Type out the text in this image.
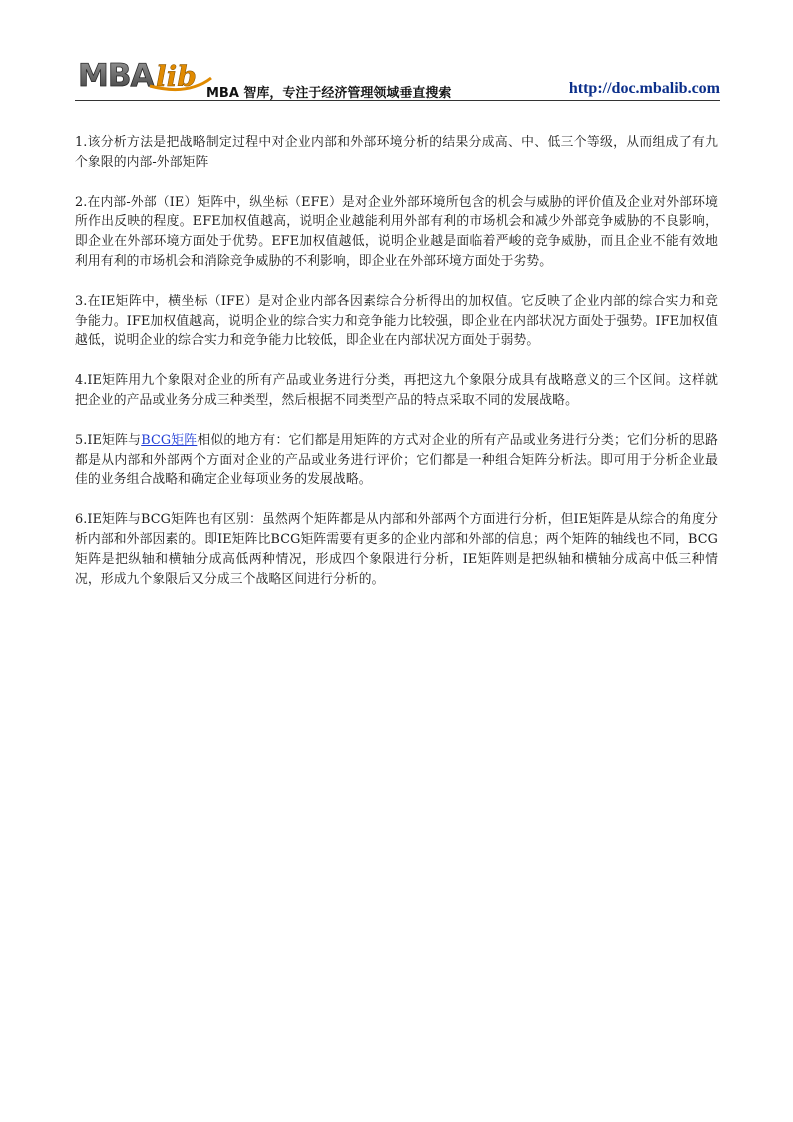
MBA lib
MBA 智库，专注于经济管理领域垂直搜索	http://doc.mbalib.com

1.该分析方法是把战略制定过程中对企业内部和外部环境分析的结果分成高、中、低三个等级，从而组成了有九个象限的内部-外部矩阵

2.在内部-外部（IE）矩阵中，纵坐标（EFE）是对企业外部环境所包含的机会与威胁的评价值及企业对外部环境所作出反映的程度。EFE加权值越高，说明企业越能利用外部有利的市场机会和减少外部竞争威胁的不良影响，即企业在外部环境方面处于优势。EFE加权值越低，说明企业越是面临着严峻的竞争威胁，而且企业不能有效地利用有利的市场机会和消除竞争威胁的不利影响，即企业在外部环境方面处于劣势。

3.在IE矩阵中，横坐标（IFE）是对企业内部各因素综合分析得出的加权值。它反映了企业内部的综合实力和竞争能力。IFE加权值越高，说明企业的综合实力和竞争能力比较强，即企业在内部状况方面处于强势。IFE加权值越低，说明企业的综合实力和竞争能力比较低，即企业在内部状况方面处于弱势。

4.IE矩阵用九个象限对企业的所有产品或业务进行分类，再把这九个象限分成具有战略意义的三个区间。这样就把企业的产品或业务分成三种类型，然后根据不同类型产品的特点采取不同的发展战略。

5.IE矩阵与BCG矩阵相似的地方有：它们都是用矩阵的方式对企业的所有产品或业务进行分类；它们分析的思路都是从内部和外部两个方面对企业的产品或业务进行评价；它们都是一种组合矩阵分析法。即可用于分析企业最佳的业务组合战略和确定企业每项业务的发展战略。

6.IE矩阵与BCG矩阵也有区别：虽然两个矩阵都是从内部和外部两个方面进行分析，但IE矩阵是从综合的角度分析内部和外部因素的。即IE矩阵比BCG矩阵需要有更多的企业内部和外部的信息；两个矩阵的轴线也不同，BCG矩阵是把纵轴和横轴分成高低两种情况，形成四个象限进行分析，IE矩阵则是把纵轴和横轴分成高中低三种情况，形成九个象限后又分成三个战略区间进行分析的。
